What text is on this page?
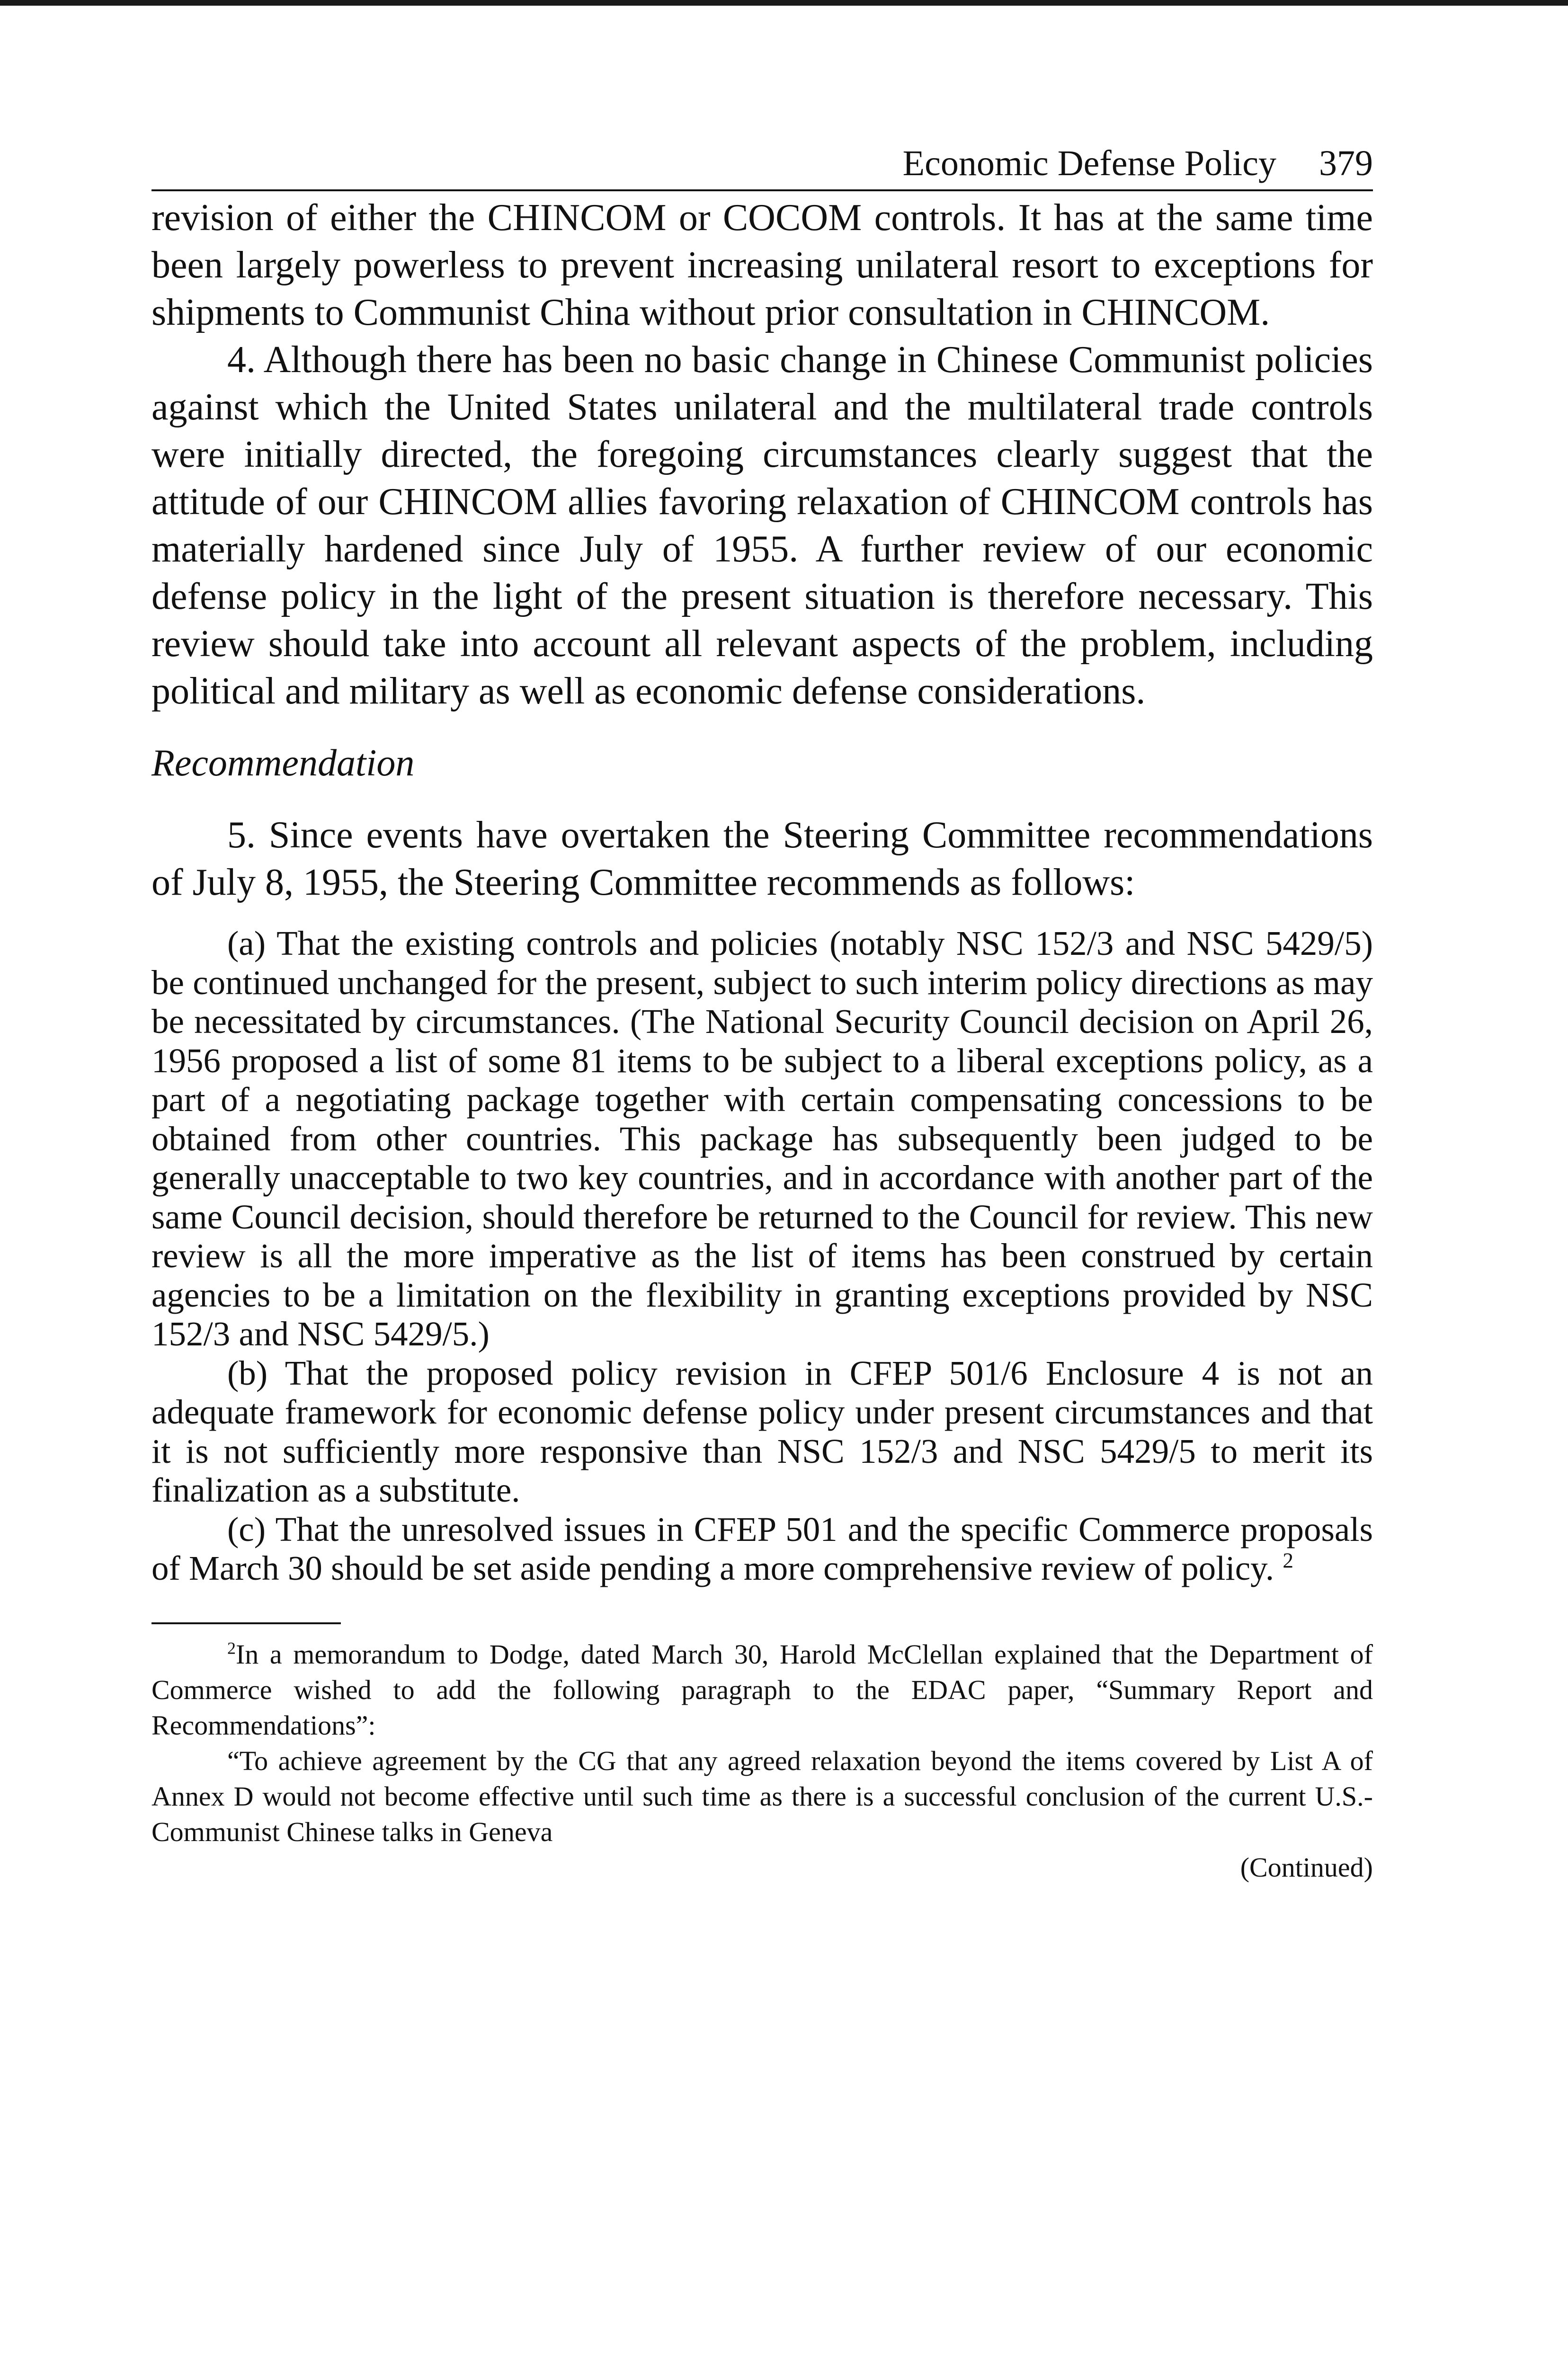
Economic Defense Policy 379

revision of either the CHINCOM or COCOM controls. It has at the same time been largely powerless to prevent increasing unilateral resort to exceptions for shipments to Communist China without prior consultation in CHINCOM.

4. Although there has been no basic change in Chinese Communist policies against which the United States unilateral and the multilateral trade controls were initially directed, the foregoing circumstances clearly suggest that the attitude of our CHINCOM allies favoring relaxation of CHINCOM controls has materially hardened since July of 1955. A further review of our economic defense policy in the light of the present situation is therefore necessary. This review should take into account all relevant aspects of the problem, including political and military as well as economic defense considerations.

Recommendation

5. Since events have overtaken the Steering Committee recommendations of July 8, 1955, the Steering Committee recommends as follows:

(a) That the existing controls and policies (notably NSC 152/3 and NSC 5429/5) be continued unchanged for the present, subject to such interim policy directions as may be necessitated by circumstances. (The National Security Council decision on April 26, 1956 proposed a list of some 81 items to be subject to a liberal exceptions policy, as a part of a negotiating package together with certain compensating concessions to be obtained from other countries. This package has subsequently been judged to be generally unacceptable to two key countries, and in accordance with another part of the same Council decision, should therefore be returned to the Council for review. This new review is all the more imperative as the list of items has been construed by certain agencies to be a limitation on the flexibility in granting exceptions provided by NSC 152/3 and NSC 5429/5.)

(b) That the proposed policy revision in CFEP 501/6 Enclosure 4 is not an adequate framework for economic defense policy under present circumstances and that it is not sufficiently more responsive than NSC 152/3 and NSC 5429/5 to merit its finalization as a substitute.

(c) That the unresolved issues in CFEP 501 and the specific Commerce proposals of March 30 should be set aside pending a more comprehensive review of policy. $^2$

$^2$In a memorandum to Dodge, dated March 30, Harold McClellan explained that the Department of Commerce wished to add the following paragraph to the EDAC paper, “Summary Report and Recommendations”:

“To achieve agreement by the CG that any agreed relaxation beyond the items covered by List A of Annex D would not become effective until such time as there is a successful conclusion of the current U.S.-Communist Chinese talks in Geneva

(Continued)
